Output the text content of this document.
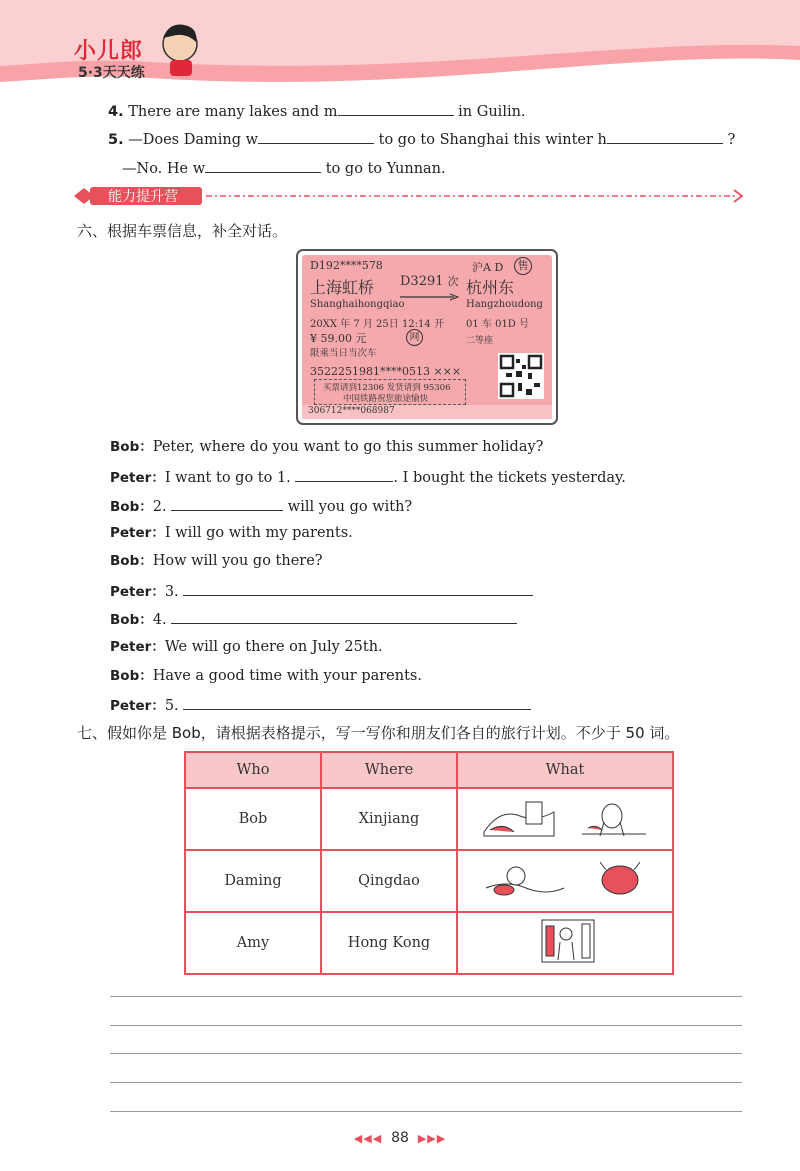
小儿郎
5·3天天练
4. There are many lakes and m	in Guilin.
5. —Does Daming w	to go to Shanghai this winter h	?
—No. He w	to go to Yunnan.
能力提升营
六、根据车票信息，补全对话。
D192****578	沪A D	售
上海虹桥 D3291 次 杭州东
Shanghaihongqiao	Hangzhoudong
20XX 年 7 月 25日 12:14 开 01 车 01D 号
¥ 59.00 元	网	二等座
限乘当日当次车
3522251981****0513 ×××
买票请到12306 发货请到 95306
中国铁路祝您旅途愉快
306712****068987
Bob：Peter, where do you want to go this summer holiday?
Peter：I want to go to 1.	. I bought the tickets yesterday.
Bob：2.	will you go with?
Peter：I will go with my parents.
Bob：How will you go there?
Peter：3.
Bob：4.
Peter：We will go there on July 25th.
Bob：Have a good time with your parents.
Peter：5.
七、假如你是 Bob，请根据表格提示，写一写你和朋友们各自的旅行计划。不少于 50 词。
Who	Where	What
Bob	Xinjiang	
Daming	Qingdao	
Amy	Hong Kong	
◀◀◀ 88 ▶▶▶
